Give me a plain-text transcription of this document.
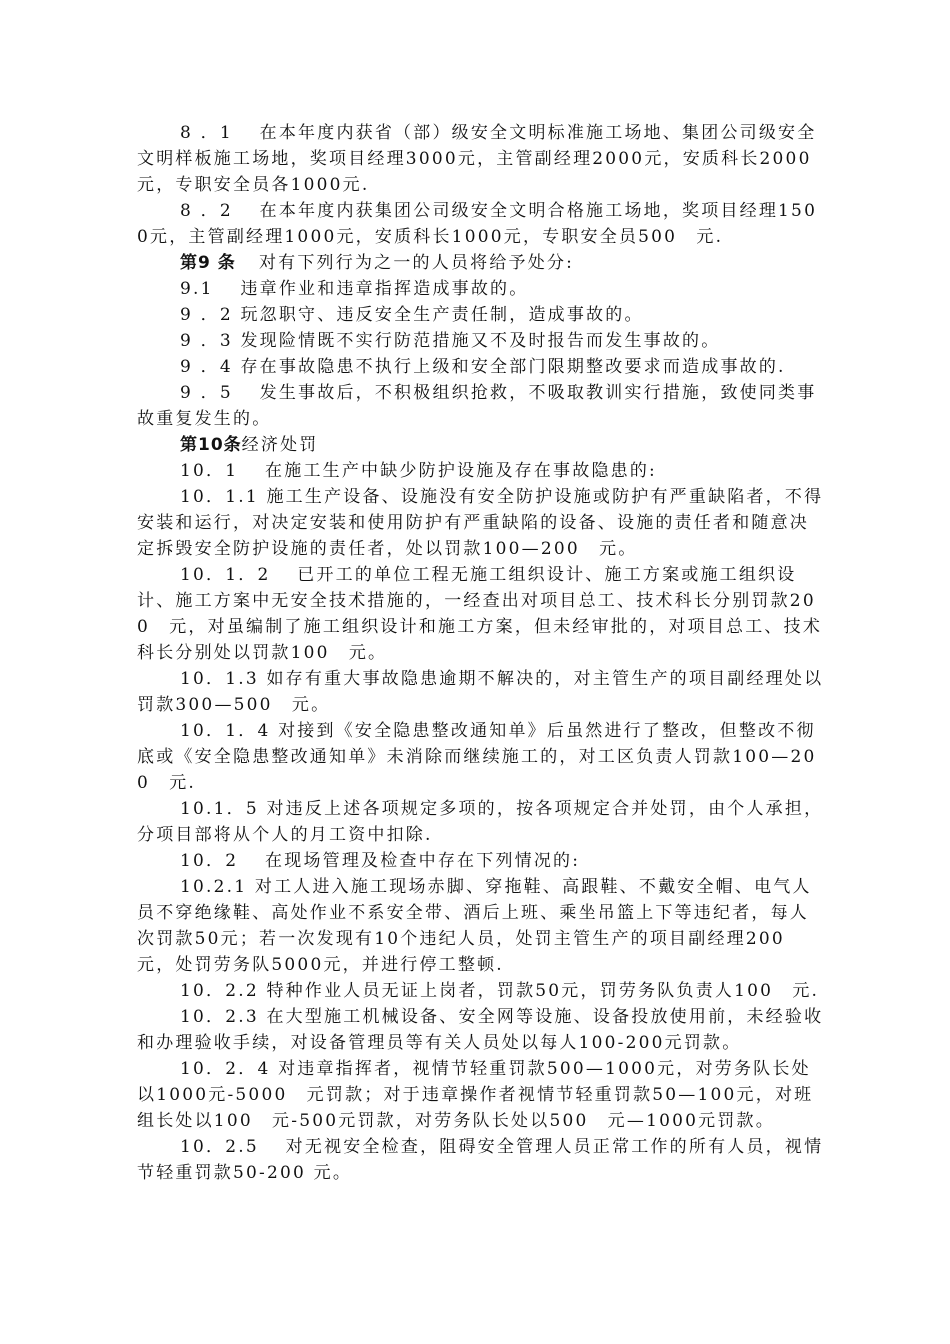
8 ．1　 在本年度内获省（部）级安全文明标准施工场地、集团公司级安全文明样板施工场地，奖项目经理3000元，主管副经理2000元，安质科长2000元，专职安全员各1000元.

8 ．2　 在本年度内获集团公司级安全文明合格施工场地，奖项目经理1500元，主管副经理1000元，安质科长1000元，专职安全员500　元.

第9 条　对有下列行为之一的人员将给予处分:

9.1　 违章作业和违章指挥造成事故的。

9 ．2 玩忽职守、违反安全生产责任制，造成事故的。

9 ．3 发现险情既不实行防范措施又不及时报告而发生事故的。

9 ．4 存在事故隐患不执行上级和安全部门限期整改要求而造成事故的.

9 ．5　 发生事故后，不积极组织抢救，不吸取教训实行措施，致使同类事故重复发生的。

第10条经济处罚

10．1　 在施工生产中缺少防护设施及存在事故隐患的:

10．1.1 施工生产设备、设施没有安全防护设施或防护有严重缺陷者，不得安装和运行，对决定安装和使用防护有严重缺陷的设备、设施的责任者和随意决定拆毁安全防护设施的责任者，处以罚款100—200　元。

10．1．2　 已开工的单位工程无施工组织设计、施工方案或施工组织设计、施工方案中无安全技术措施的，一经查出对项目总工、技术科长分别罚款200　元，对虽编制了施工组织设计和施工方案，但未经审批的，对项目总工、技术科长分别处以罚款100　元。

10．1.3 如存有重大事故隐患逾期不解决的，对主管生产的项目副经理处以罚款300—500　元。

10．1．4 对接到《安全隐患整改通知单》后虽然进行了整改，但整改不彻底或《安全隐患整改通知单》未消除而继续施工的，对工区负责人罚款100—200　元.

10.1．5 对违反上述各项规定多项的，按各项规定合并处罚，由个人承担，分项目部将从个人的月工资中扣除.

10．2　 在现场管理及检查中存在下列情况的:

10.2.1 对工人进入施工现场赤脚、穿拖鞋、高跟鞋、不戴安全帽、电气人员不穿绝缘鞋、高处作业不系安全带、酒后上班、乘坐吊篮上下等违纪者，每人次罚款50元；若一次发现有10个违纪人员，处罚主管生产的项目副经理200　元，处罚劳务队5000元，并进行停工整顿.

10．2.2 特种作业人员无证上岗者，罚款50元，罚劳务队负责人100　元.

10．2.3 在大型施工机械设备、安全网等设施、设备投放使用前，未经验收和办理验收手续，对设备管理员等有关人员处以每人100-200元罚款。

10．2．4 对违章指挥者，视情节轻重罚款500—1000元，对劳务队长处以1000元-5000　元罚款；对于违章操作者视情节轻重罚款50—100元，对班组长处以100　元-500元罚款，对劳务队长处以500　元—1000元罚款。

10．2.5　 对无视安全检查，阻碍安全管理人员正常工作的所有人员，视情节轻重罚款50-200 元。
